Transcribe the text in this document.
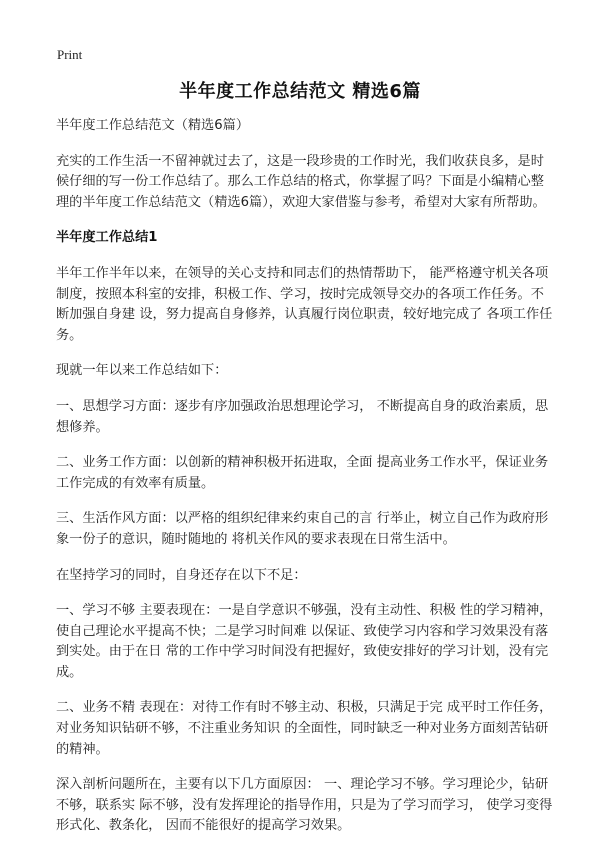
Print
半年度工作总结范文 精选6篇

半年度工作总结范文（精选6篇）

充实的工作生活一不留神就过去了，这是一段珍贵的工作时光，我们收获良多，是时候仔细的写一份工作总结了。那么工作总结的格式，你掌握了吗？下面是小编精心整理的半年度工作总结范文（精选6篇），欢迎大家借鉴与参考，希望对大家有所帮助。

半年度工作总结1

半年工作半年以来，在领导的关心支持和同志们的热情帮助下， 能严格遵守机关各项制度，按照本科室的安排，积极工作、学习，按时完成领导交办的各项工作任务。不断加强自身建 设，努力提高自身修养，认真履行岗位职责，较好地完成了 各项工作任务。

现就一年以来工作总结如下：

一、思想学习方面：逐步有序加强政治思想理论学习， 不断提高自身的政治素质，思想修养。

二、业务工作方面：以创新的精神积极开拓进取，全面 提高业务工作水平，保证业务工作完成的有效率有质量。

三、生活作风方面：以严格的组织纪律来约束自己的言 行举止，树立自己作为政府形象一份子的意识，随时随地的 将机关作风的要求表现在日常生活中。

在坚持学习的同时，自身还存在以下不足：

一、学习不够 主要表现在：一是自学意识不够强，没有主动性、积极 性的学习精神，使自己理论水平提高不快；二是学习时间难 以保证、致使学习内容和学习效果没有落到实处。由于在日 常的工作中学习时间没有把握好，致使安排好的学习计划，没有完成。

二、业务不精 表现在：对待工作有时不够主动、积极，只满足于完 成平时工作任务，对业务知识钻研不够，不注重业务知识 的全面性，同时缺乏一种对业务方面刻苦钻研的精神。

深入剖析问题所在，主要有以下几方面原因： 一、理论学习不够。学习理论少，钻研不够，联系实 际不够，没有发挥理论的指导作用，只是为了学习而学习， 使学习变得形式化、教条化， 因而不能很好的提高学习效果。
